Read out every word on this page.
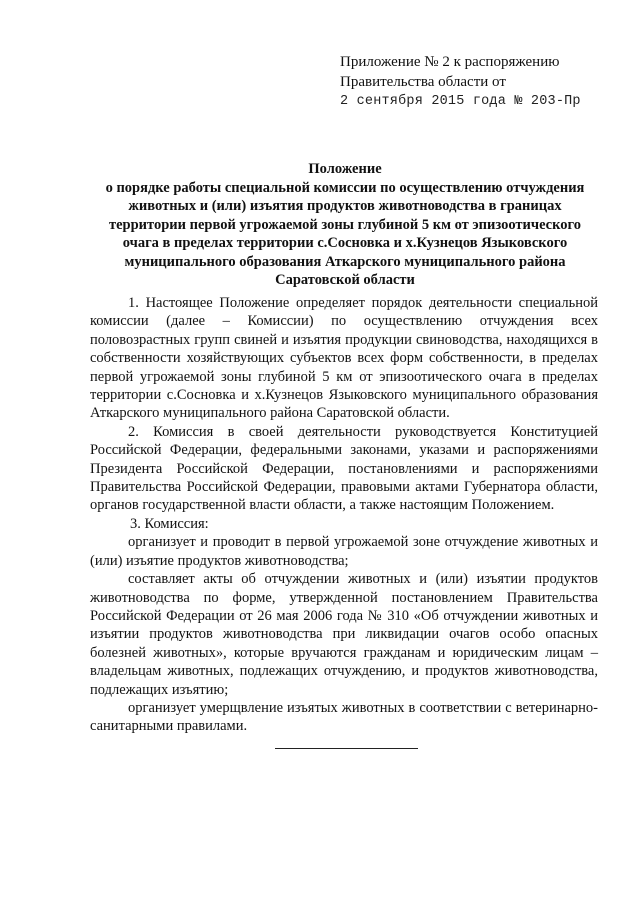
Приложение № 2 к распоряжению
Правительства области от
2 сентября 2015 года № 203-Пр
Положение
о порядке работы специальной комиссии по осуществлению отчуждения
животных и (или) изъятия продуктов животноводства в границах
территории первой угрожаемой зоны глубиной 5 км от эпизоотического
очага в пределах территории с.Сосновка и х.Кузнецов Языковского
муниципального образования Аткарского муниципального района
Саратовской области

1. Настоящее Положение определяет порядок деятельности специальной комиссии (далее – Комиссии) по осуществлению отчуждения всех половозрастных групп свиней и изъятия продукции свиноводства, находящихся в собственности хозяйствующих субъектов всех форм собственности, в пределах первой угрожаемой зоны глубиной 5 км от эпизоотического очага в пределах территории с.Сосновка и х.Кузнецов Языковского муниципального образования Аткарского муниципального района Саратовской области.

2. Комиссия в своей деятельности руководствуется Конституцией Российской Федерации, федеральными законами, указами и распоряжениями Президента Российской Федерации, постановлениями и распоряжениями Правительства Российской Федерации, правовыми актами Губернатора области, органов государственной власти области, а также настоящим Положением.

3. Комиссия:

организует и проводит в первой угрожаемой зоне отчуждение животных и (или) изъятие продуктов животноводства;

составляет акты об отчуждении животных и (или) изъятии продуктов животноводства по форме, утвержденной постановлением Правительства Российской Федерации от 26 мая 2006 года № 310 «Об отчуждении животных и изъятии продуктов животноводства при ликвидации очагов особо опасных болезней животных», которые вручаются гражданам и юридическим лицам – владельцам животных, подлежащих отчуждению, и продуктов животноводства, подлежащих изъятию;

организует умерщвление изъятых животных в соответствии с ветеринарно-санитарными правилами.
